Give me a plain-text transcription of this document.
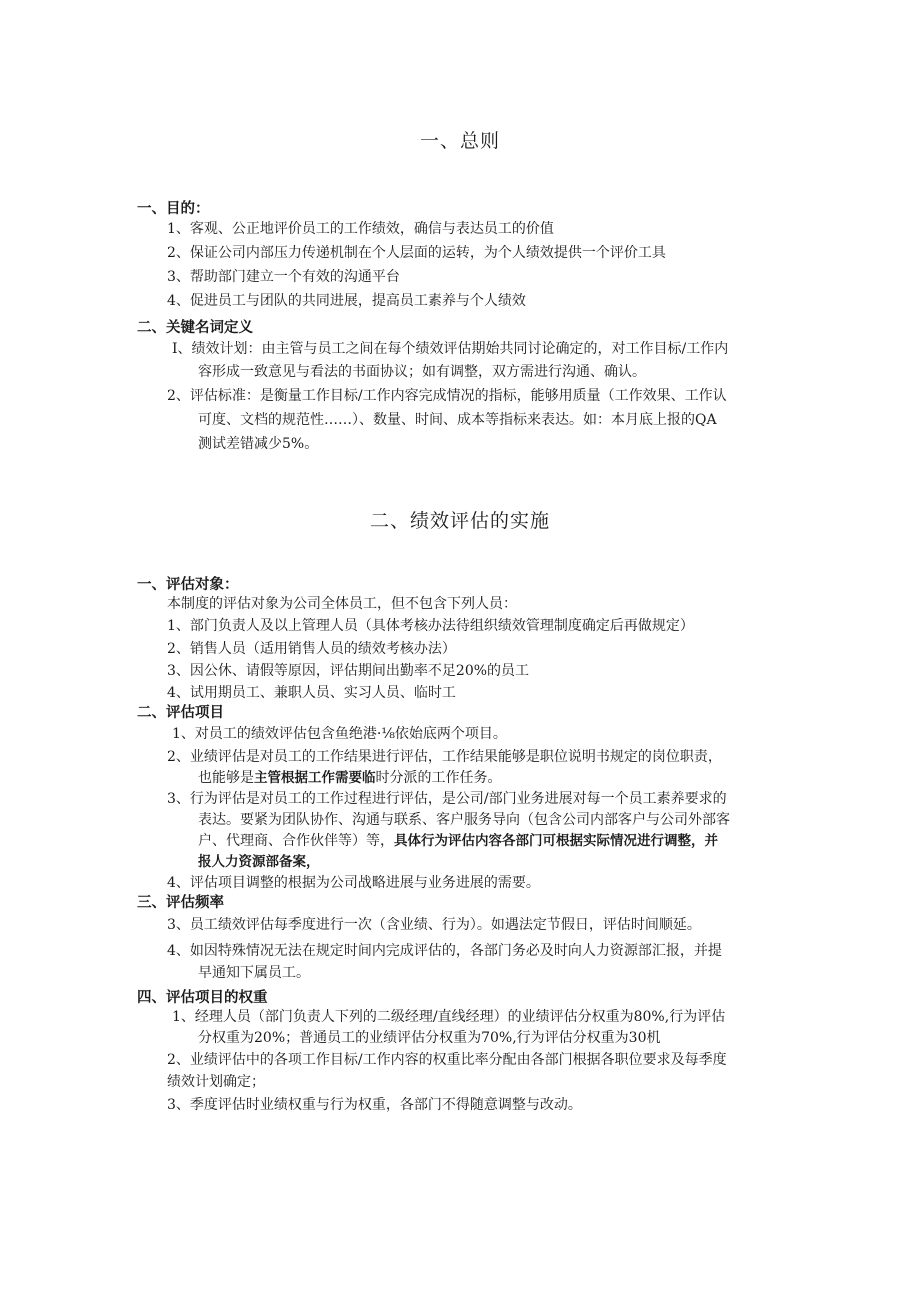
一、总则
一、目的：
1、客观、公正地评价员工的工作绩效，确信与表达员工的价值
2、保证公司内部压力传递机制在个人层面的运转，为个人绩效提供一个评价工具
3、帮助部门建立一个有效的沟通平台
4、促进员工与团队的共同进展，提高员工素养与个人绩效
二、关键名词定义
I、绩效计划：由主管与员工之间在每个绩效评估期始共同讨论确定的，对工作目标/工作内
容形成一致意见与看法的书面协议；如有调整，双方需进行沟通、确认。
2、评估标准：是衡量工作目标/工作内容完成情况的指标，能够用质量（工作效果、工作认
可度、文档的规范性……）、数量、时间、成本等指标来表达。如：本月底上报的QA
测试差错减少5%。
二、绩效评估的实施
一、评估对象：
本制度的评估对象为公司全体员工，但不包含下列人员：
1、部门负责人及以上管理人员（具体考核办法待组织绩效管理制度确定后再做规定）
2、销售人员（适用销售人员的绩效考核办法）
3、因公休、请假等原因，评估期间出勤率不足20%的员工
4、试用期员工、兼职人员、实习人员、临时工
二、评估项目
1、对员工的绩效评估包含鱼绝港·⅛依始底两个项目。
2、业绩评估是对员工的工作结果进行评估，工作结果能够是职位说明书规定的岗位职责，
也能够是主管根据工作需要临时分派的工作任务。
3、行为评估是对员工的工作过程进行评估，是公司/部门业务进展对每一个员工素养要求的
表达。要紧为团队协作、沟通与联系、客户服务导向（包含公司内部客户与公司外部客
户、代理商、合作伙伴等）等，具体行为评估内容各部门可根据实际情况进行调整，并
报人力资源部备案，
4、评估项目调整的根据为公司战略进展与业务进展的需要。
三、评估频率
3、员工绩效评估每季度进行一次（含业绩、行为）。如遇法定节假日，评估时间顺延。
4、如因特殊情况无法在规定时间内完成评估的，各部门务必及时向人力资源部汇报，并提
早通知下属员工。
四、评估项目的权重
1、经理人员（部门负责人下列的二级经理/直线经理）的业绩评估分权重为80%,行为评估
分权重为20%；普通员工的业绩评估分权重为70%,行为评估分权重为30机
2、业绩评估中的各项工作目标/工作内容的权重比率分配由各部门根据各职位要求及每季度
绩效计划确定；
3、季度评估时业绩权重与行为权重，各部门不得随意调整与改动。
